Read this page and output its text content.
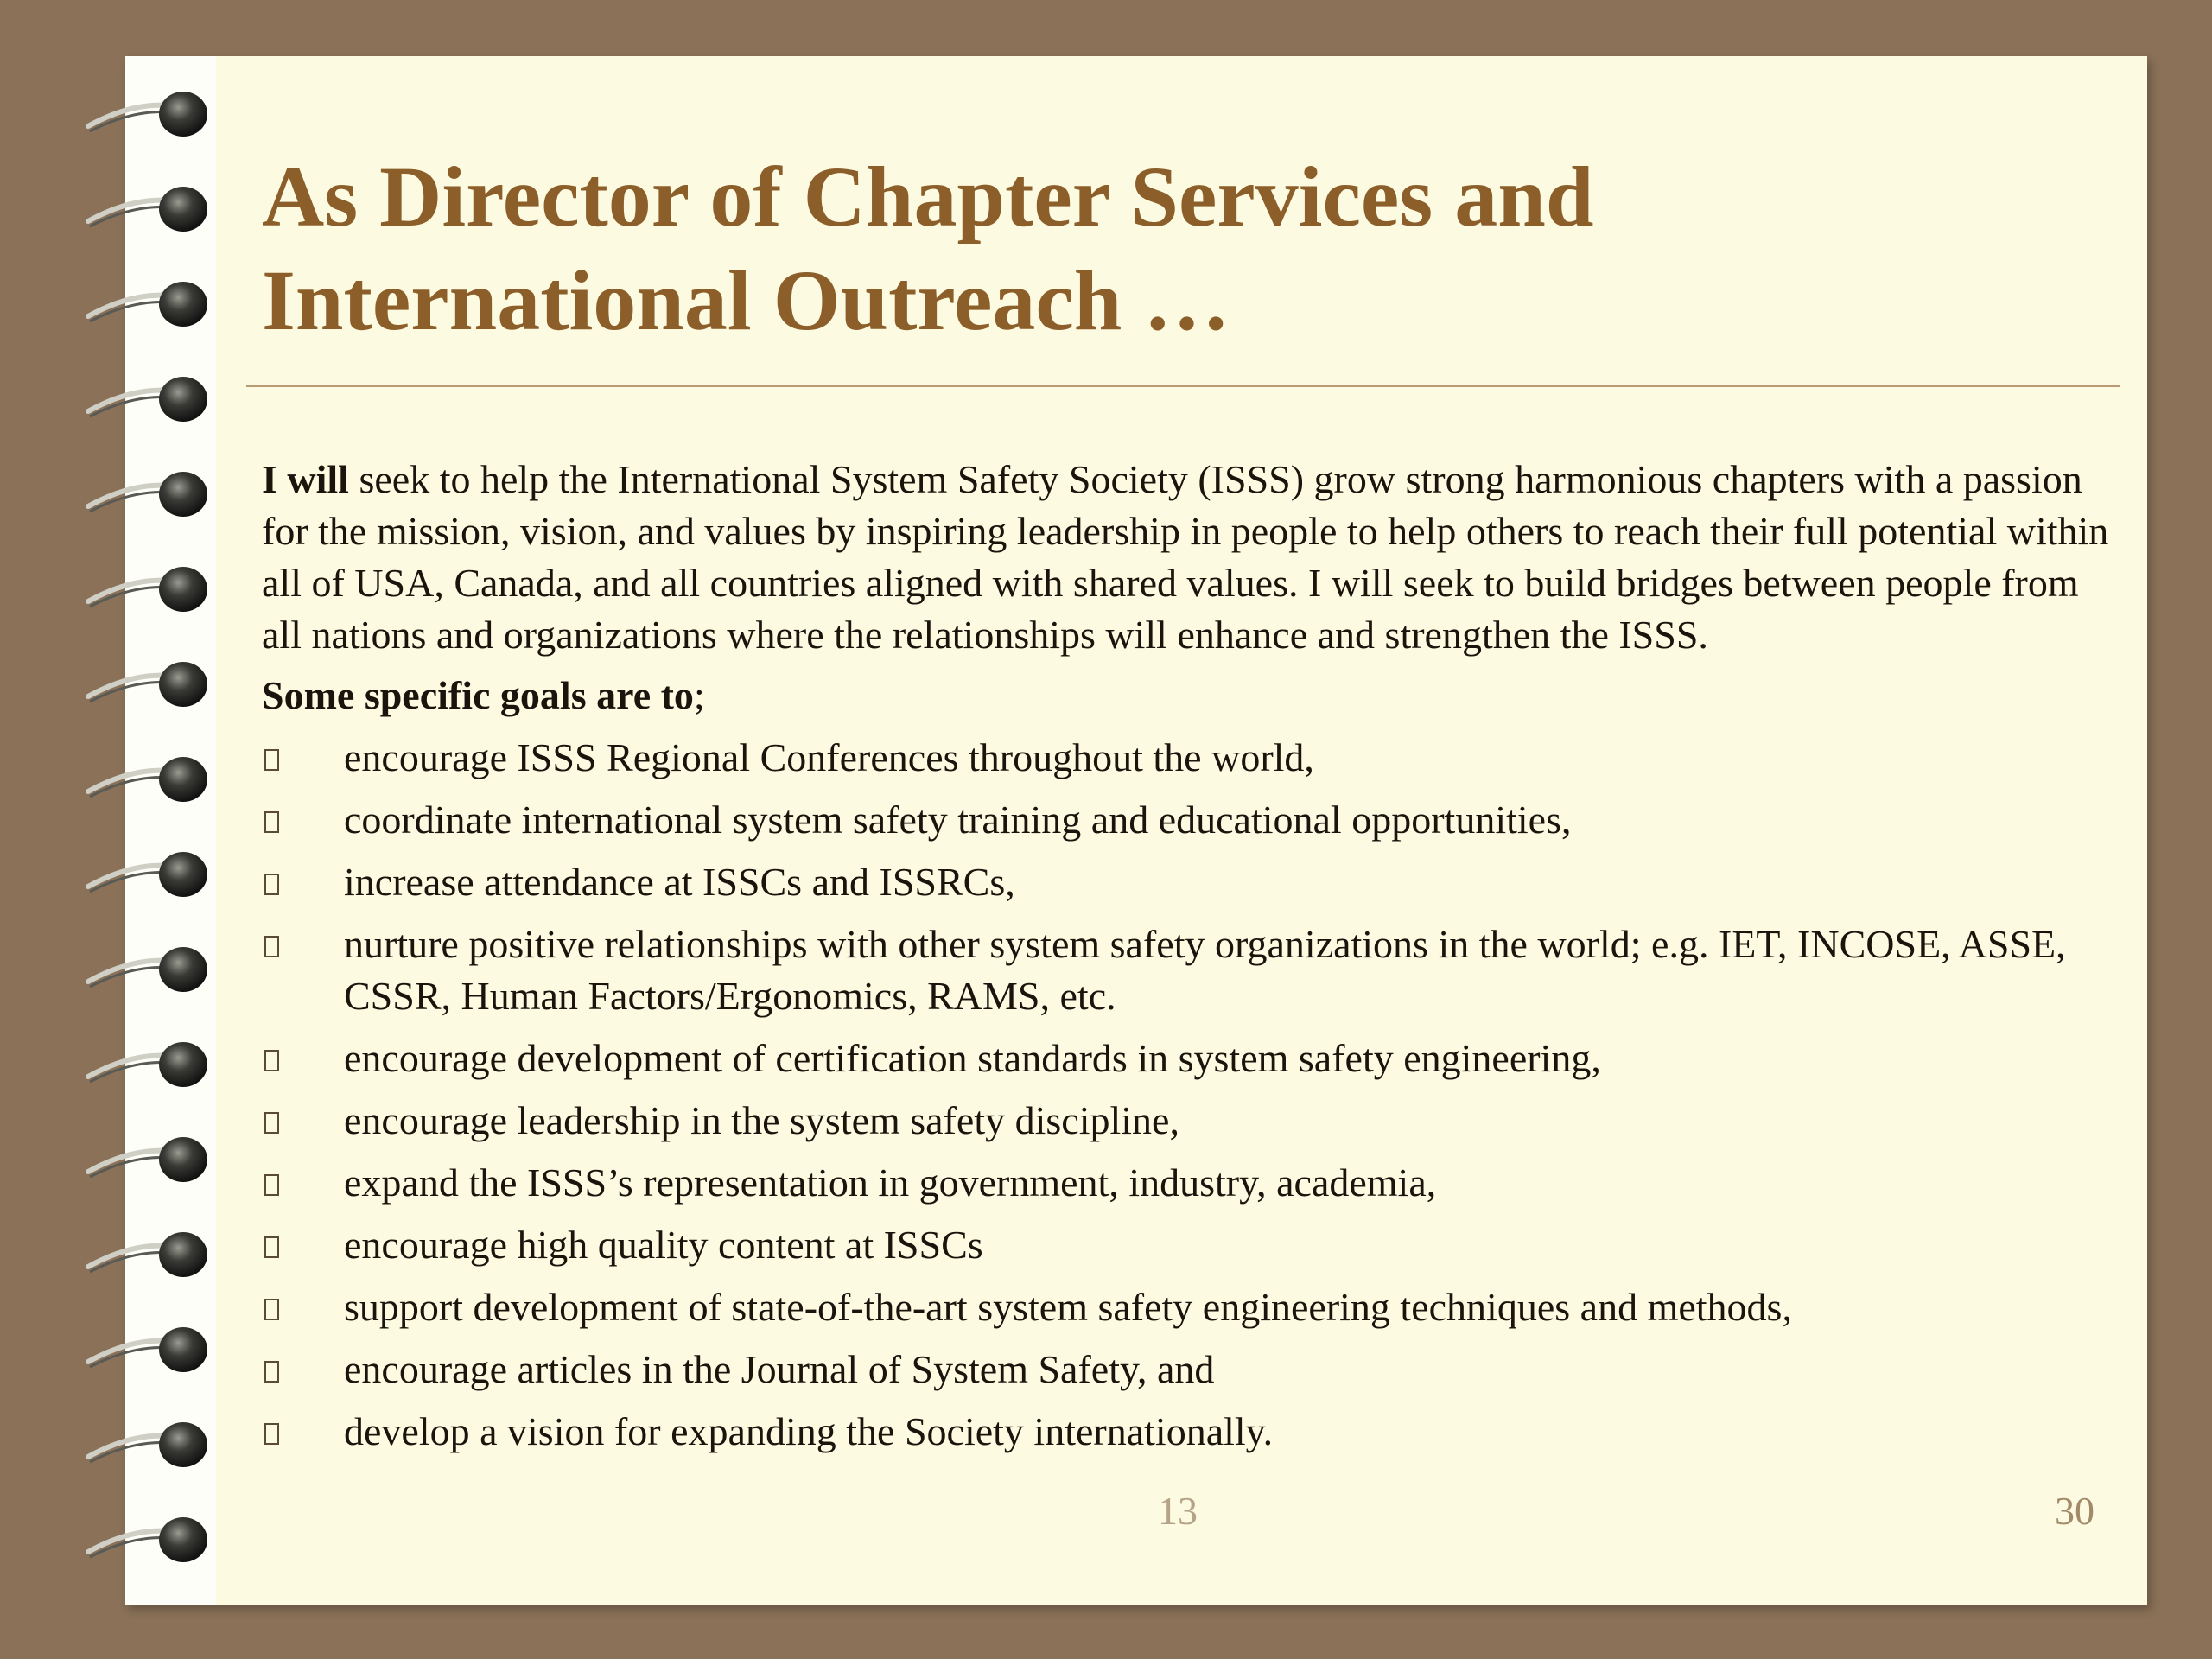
As Director of Chapter Services and International Outreach …

I will seek to help the International System Safety Society (ISSS) grow strong harmonious chapters with a passion for the mission, vision, and values by inspiring leadership in people to help others to reach their full potential within all of USA, Canada, and all countries aligned with shared values. I will seek to build bridges between people from all nations and organizations where the relationships will enhance and strengthen the ISSS.

Some specific goals are to;

encourage ISSS Regional Conferences throughout the world,
coordinate international system safety training and educational opportunities,
increase attendance at ISSCs and ISSRCs,
nurture positive relationships with other system safety organizations in the world; e.g. IET, INCOSE, ASSE, CSSR, Human Factors/Ergonomics, RAMS, etc.
encourage development of certification standards in system safety engineering,
encourage leadership in the system safety discipline,
expand the ISSS’s representation in government, industry, academia,
encourage high quality content at ISSCs
support development of state-of-the-art system safety engineering techniques and methods,
encourage articles in the Journal of System Safety, and
develop a vision for expanding the Society internationally.
13	30
